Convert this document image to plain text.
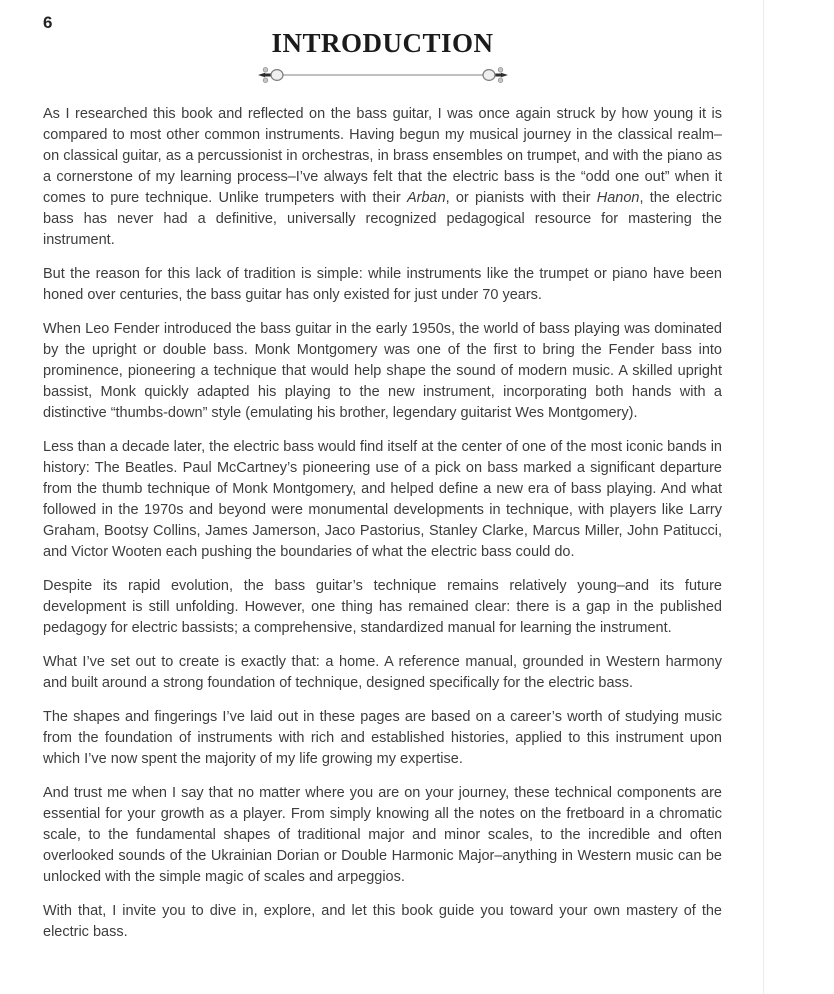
6
INTRODUCTION

As I researched this book and reflected on the bass guitar, I was once again struck by how young it is compared to most other common instruments. Having begun my musical journey in the classical realm–on classical guitar, as a percussionist in orchestras, in brass ensembles on trumpet, and with the piano as a cornerstone of my learning process–I’ve always felt that the electric bass is the “odd one out” when it comes to pure technique. Unlike trumpeters with their Arban, or pianists with their Hanon, the electric bass has never had a definitive, universally recognized pedagogical resource for mastering the instrument.

But the reason for this lack of tradition is simple: while instruments like the trumpet or piano have been honed over centuries, the bass guitar has only existed for just under 70 years.

When Leo Fender introduced the bass guitar in the early 1950s, the world of bass playing was dominated by the upright or double bass. Monk Montgomery was one of the first to bring the Fender bass into prominence, pioneering a technique that would help shape the sound of modern music. A skilled upright bassist, Monk quickly adapted his playing to the new instrument, incorporating both hands with a distinctive “thumbs-down” style (emulating his brother, legendary guitarist Wes Montgomery).

Less than a decade later, the electric bass would find itself at the center of one of the most iconic bands in history: The Beatles. Paul McCartney’s pioneering use of a pick on bass marked a significant departure from the thumb technique of Monk Montgomery, and helped define a new era of bass playing. And what followed in the 1970s and beyond were monumental developments in technique, with players like Larry Graham, Bootsy Collins, James Jamerson, Jaco Pastorius, Stanley Clarke, Marcus Miller, John Patitucci, and Victor Wooten each pushing the boundaries of what the electric bass could do.

Despite its rapid evolution, the bass guitar’s technique remains relatively young–and its future development is still unfolding. However, one thing has remained clear: there is a gap in the published pedagogy for electric bassists; a comprehensive, standardized manual for learning the instrument.

What I’ve set out to create is exactly that: a home. A reference manual, grounded in Western harmony and built around a strong foundation of technique, designed specifically for the electric bass.

The shapes and fingerings I’ve laid out in these pages are based on a career’s worth of studying music from the foundation of instruments with rich and established histories, applied to this instrument upon which I’ve now spent the majority of my life growing my expertise.

And trust me when I say that no matter where you are on your journey, these technical components are essential for your growth as a player. From simply knowing all the notes on the fretboard in a chromatic scale, to the fundamental shapes of traditional major and minor scales, to the incredible and often overlooked sounds of the Ukrainian Dorian or Double Harmonic Major–anything in Western music can be unlocked with the simple magic of scales and arpeggios.

With that, I invite you to dive in, explore, and let this book guide you toward your own mastery of the electric bass.
